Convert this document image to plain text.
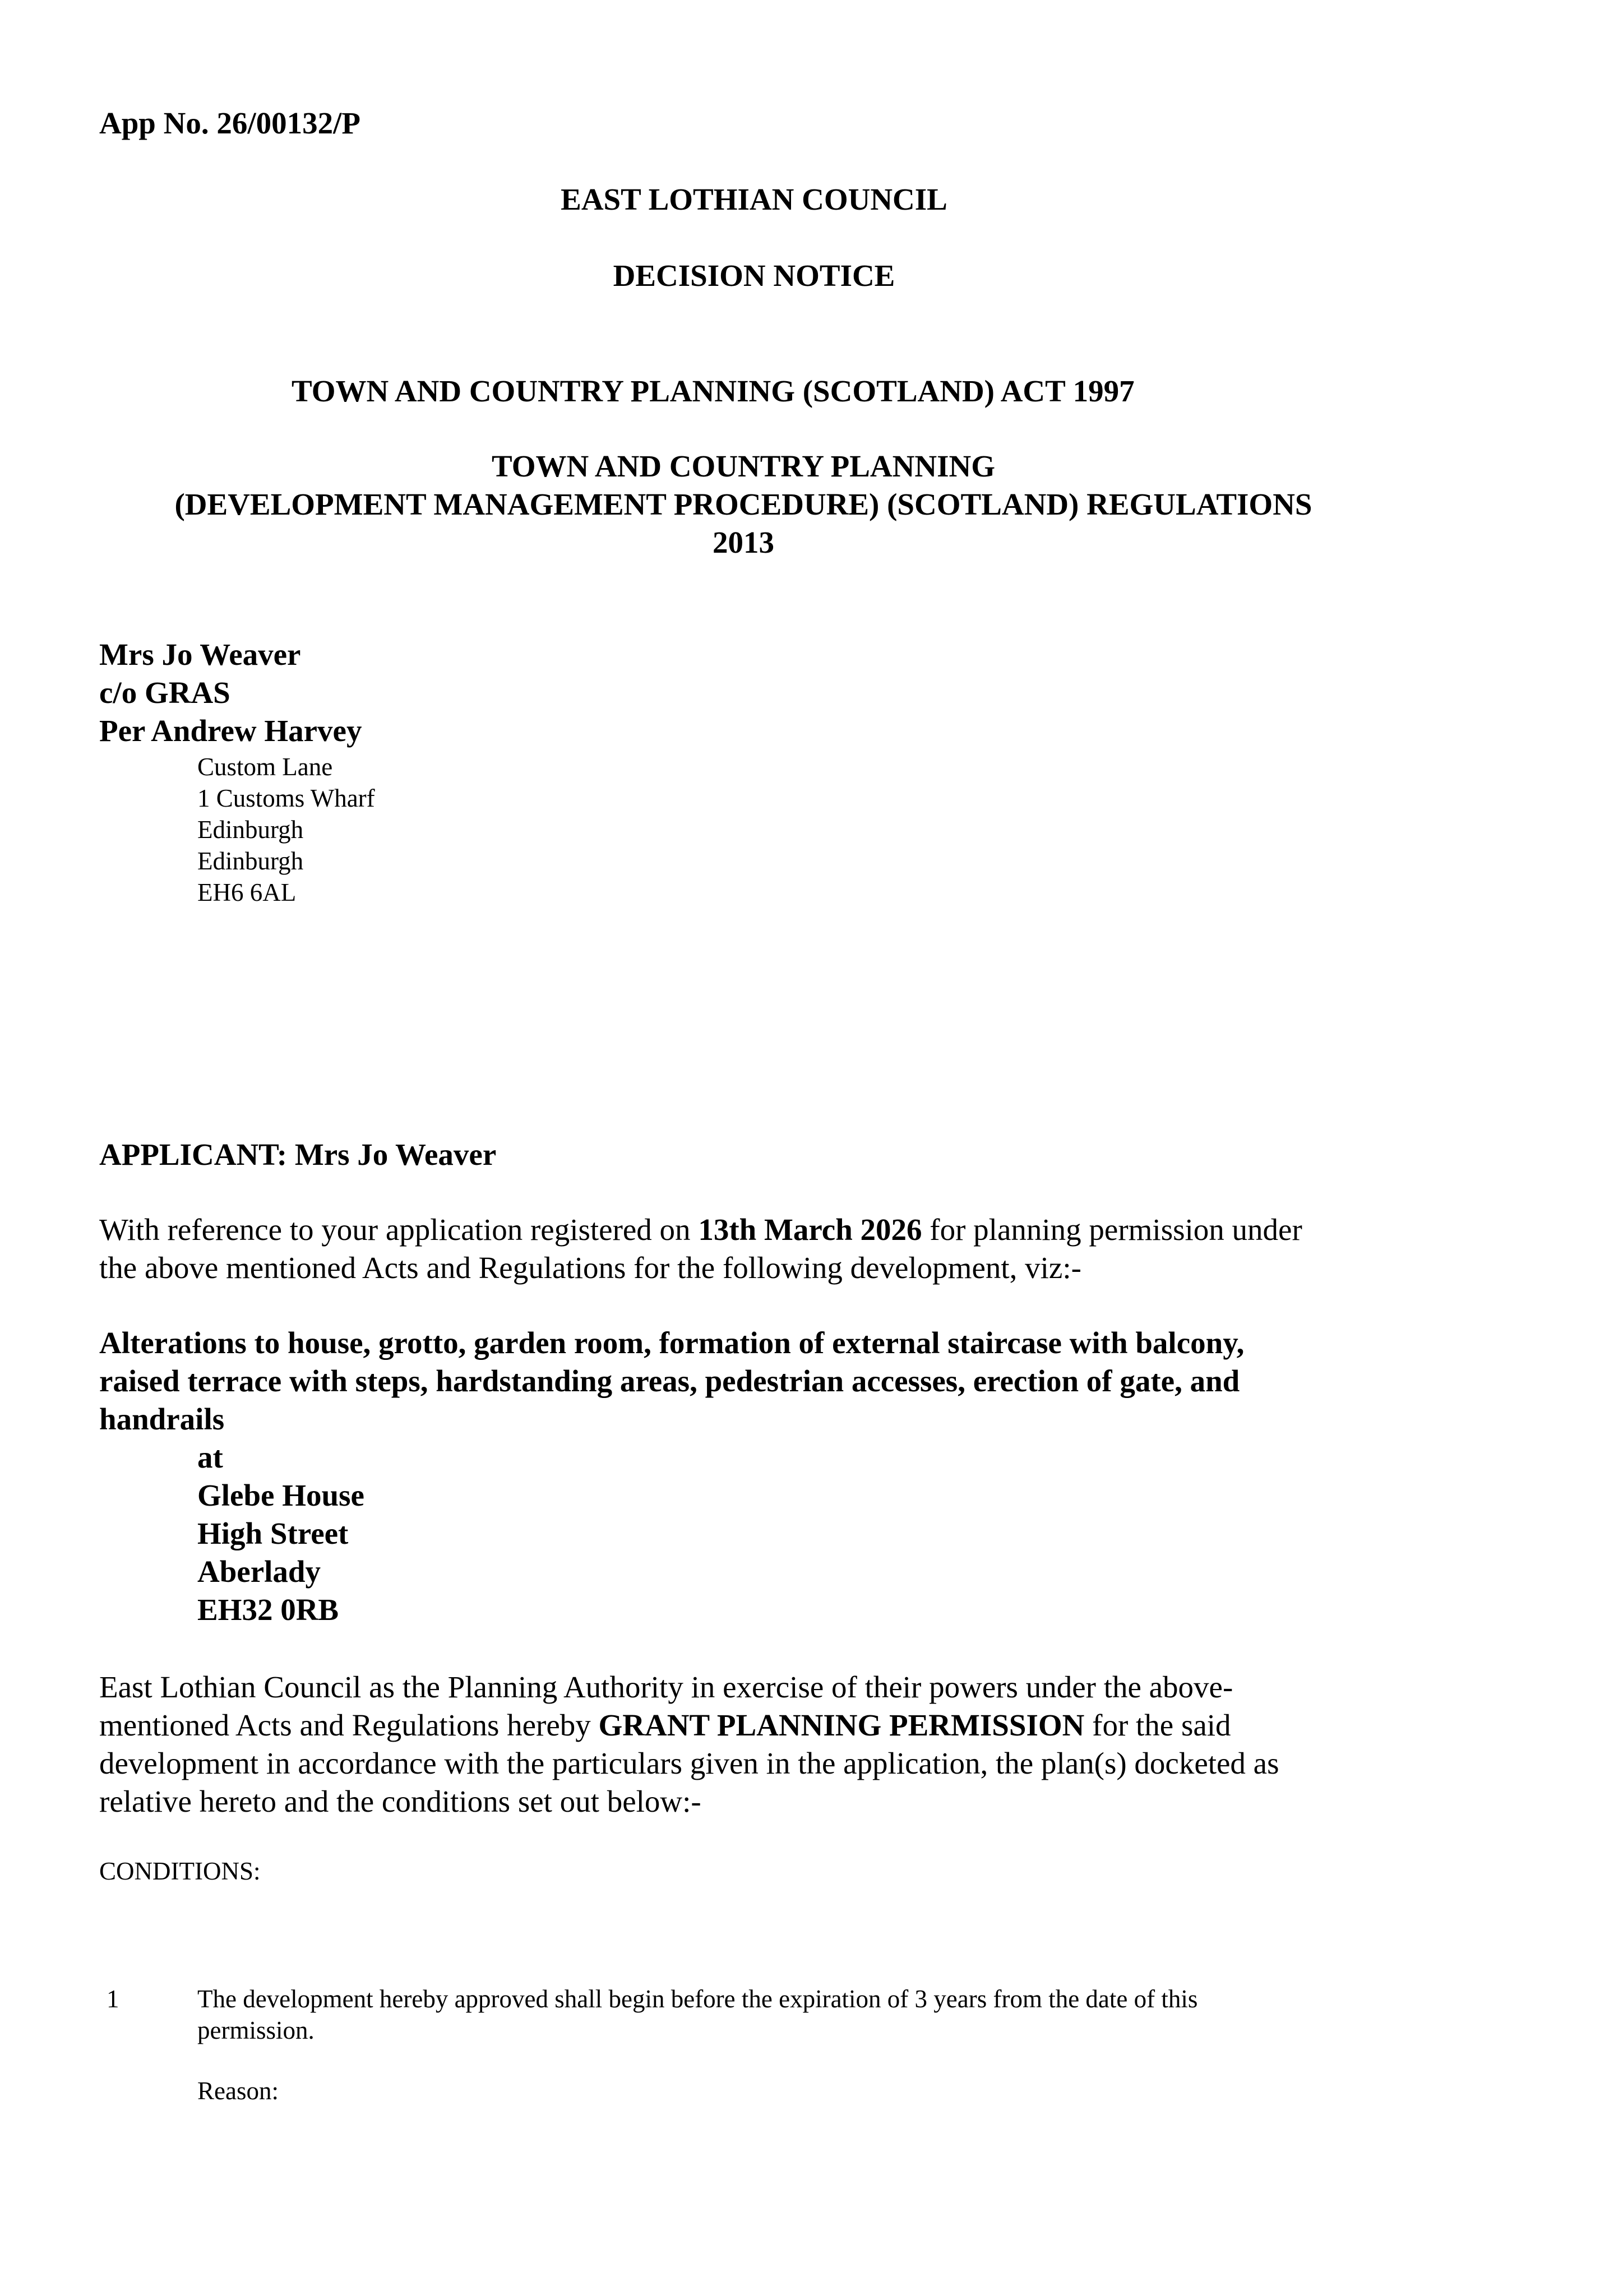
App No. 26/00132/P
EAST LOTHIAN COUNCIL
DECISION NOTICE
TOWN AND COUNTRY PLANNING (SCOTLAND) ACT 1997
TOWN AND COUNTRY PLANNING
(DEVELOPMENT MANAGEMENT PROCEDURE) (SCOTLAND) REGULATIONS
2013
Mrs Jo Weaver
c/o GRAS
Per Andrew Harvey
Custom Lane
1 Customs Wharf
Edinburgh
Edinburgh
EH6 6AL
APPLICANT: Mrs Jo Weaver
With reference to your application registered on 13th March 2026 for planning permission under
the above mentioned Acts and Regulations for the following development, viz:-
Alterations to house, grotto, garden room, formation of external staircase with balcony,
raised terrace with steps, hardstanding areas, pedestrian accesses, erection of gate, and
handrails
at
Glebe House
High Street
Aberlady
EH32 0RB
East Lothian Council as the Planning Authority in exercise of their powers under the above-
mentioned Acts and Regulations hereby GRANT PLANNING PERMISSION for the said
development in accordance with the particulars given in the application, the plan(s) docketed as
relative hereto and the conditions set out below:-
CONDITIONS:
1	The development hereby approved shall begin before the expiration of 3 years from the date of this
permission.
Reason:
